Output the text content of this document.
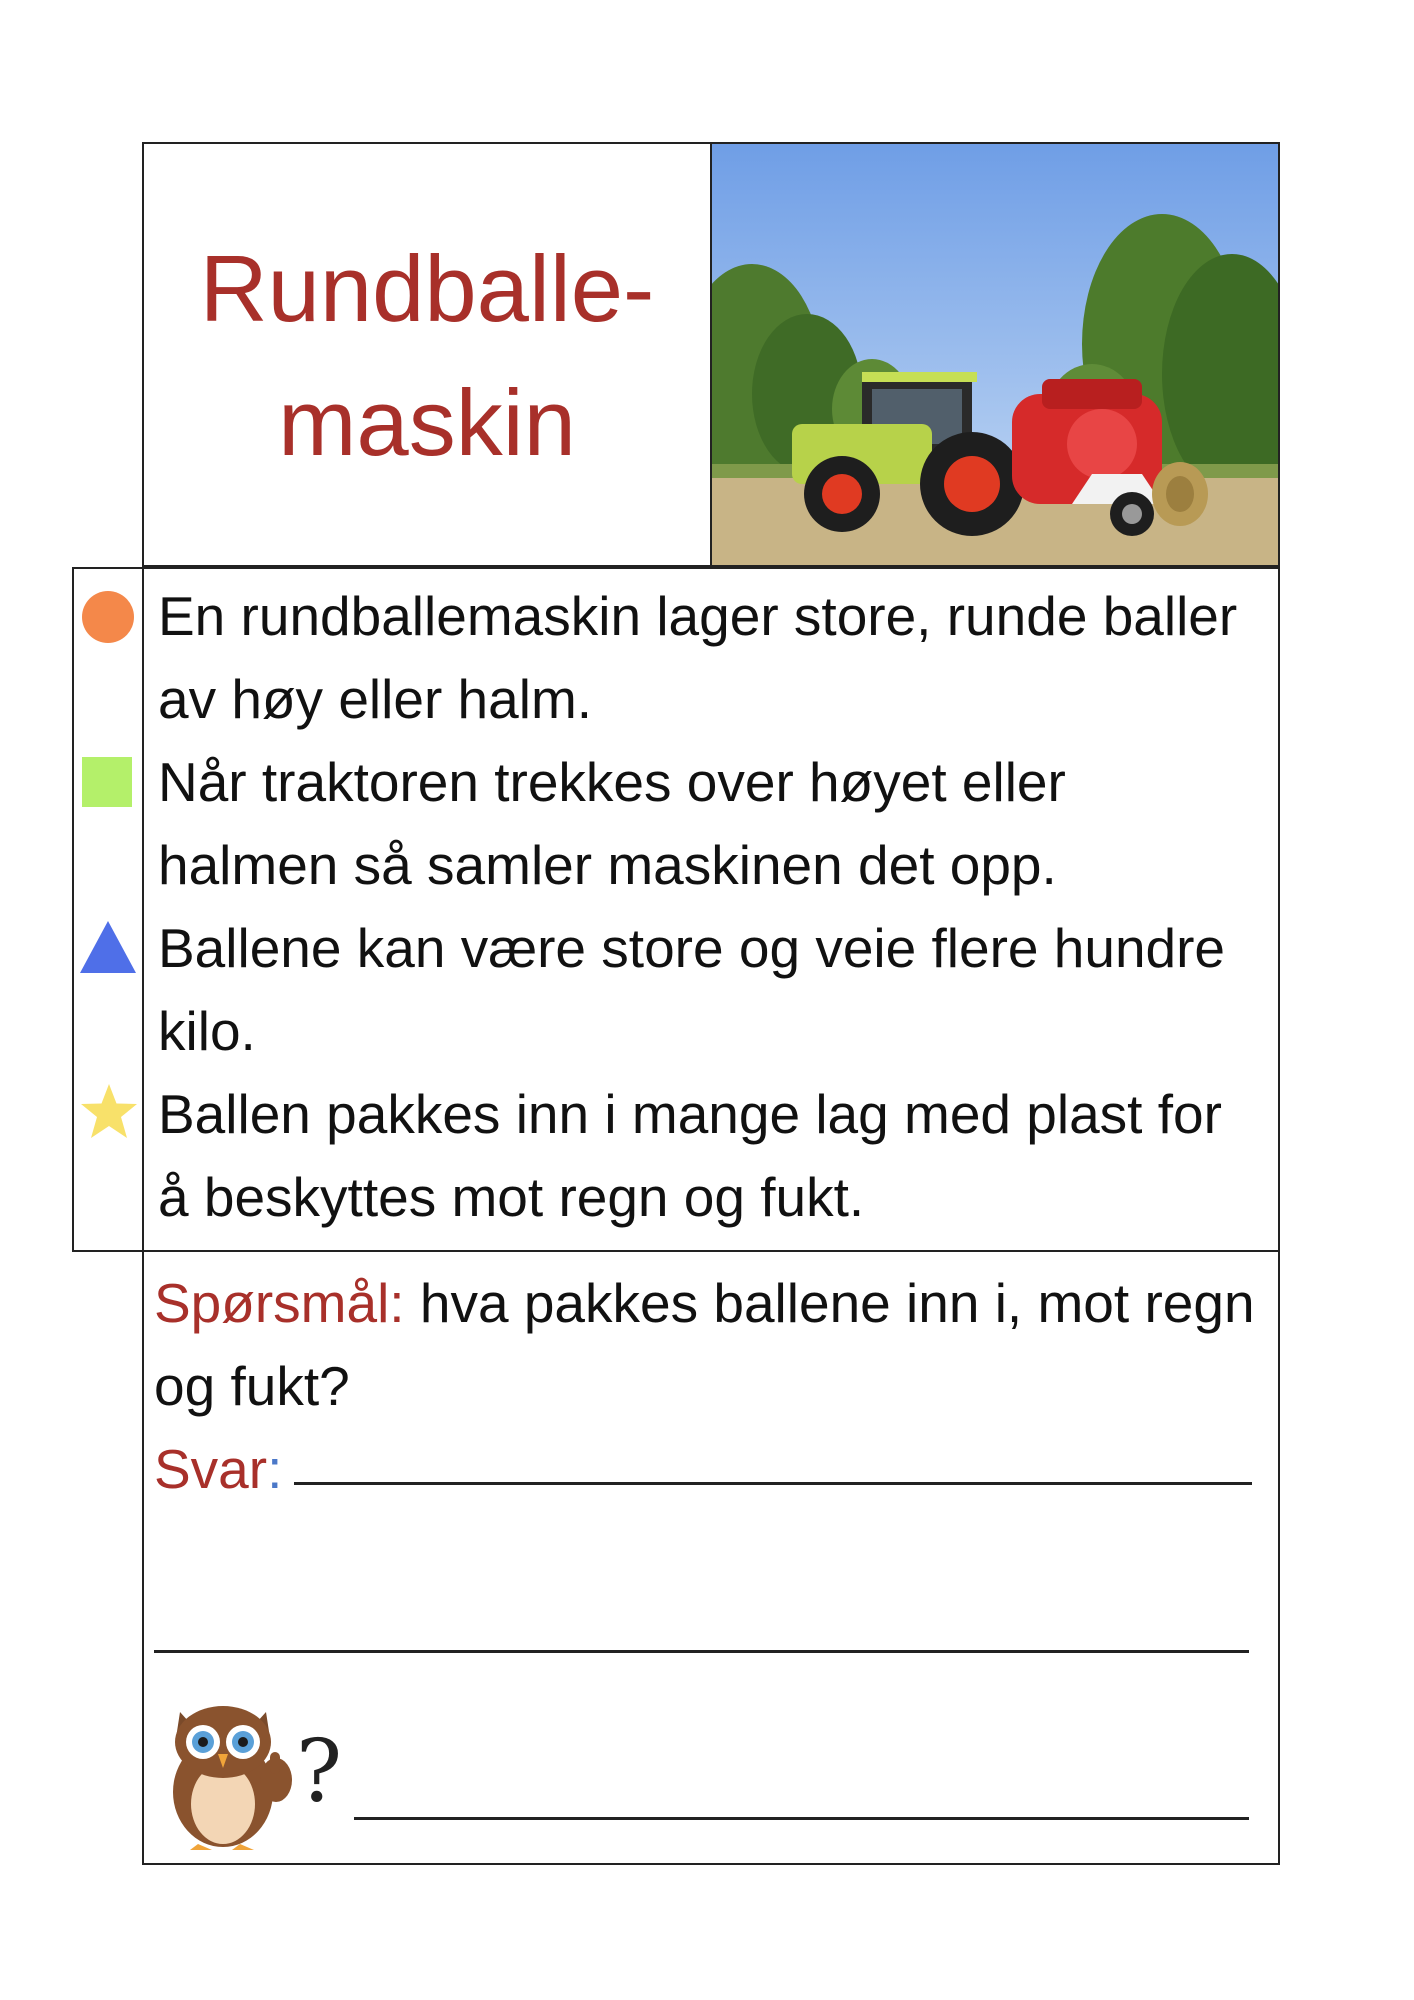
Rundballe-
maskin
En rundballemaskin lager store, runde baller av høy eller halm.
Når traktoren trekkes over høyet eller halmen så samler maskinen det opp.
Ballene kan være store og veie flere hundre kilo.
Ballen pakkes inn i mange lag med plast for å beskyttes mot regn og fukt.
Spørsmål: hva pakkes ballene inn i, mot regn og fukt?
Svar:
?
